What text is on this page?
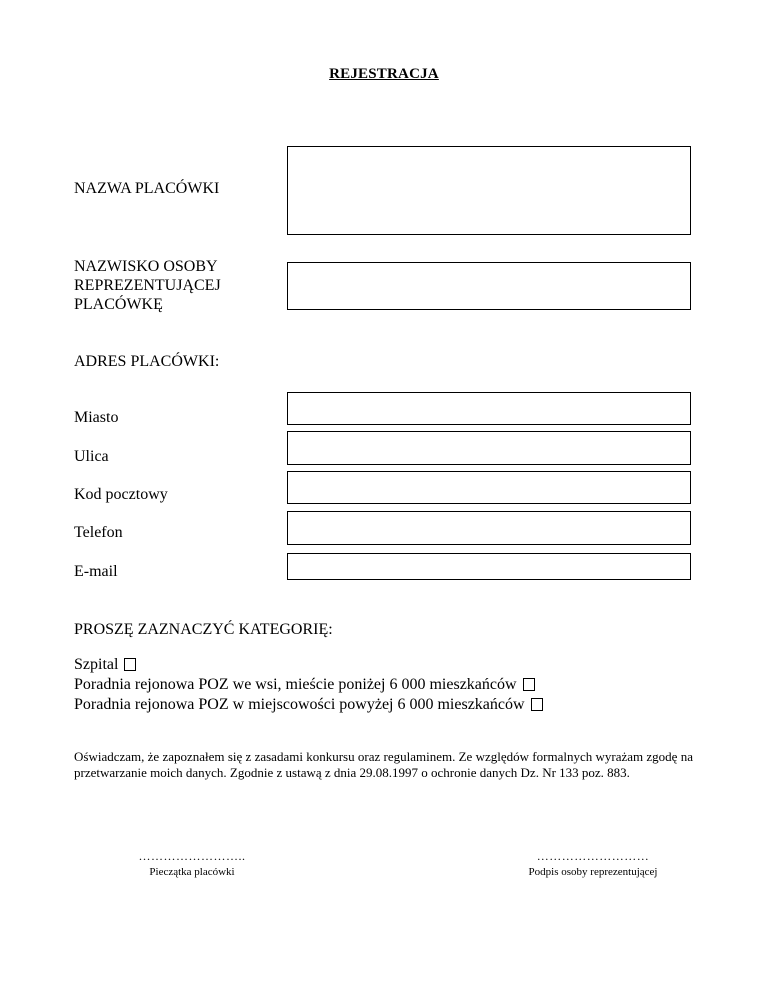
REJESTRACJA
NAZWA PLACÓWKI
NAZWISKO OSOBY
REPREZENTUJĄCEJ
PLACÓWKĘ
ADRES PLACÓWKI:
Miasto
Ulica
Kod pocztowy
Telefon
E-mail
PROSZĘ ZAZNACZYĆ KATEGORIĘ:
Szpital
Poradnia rejonowa POZ we wsi, mieście poniżej 6 000 mieszkańców
Poradnia rejonowa POZ w miejscowości powyżej 6 000 mieszkańców
Oświadczam, że zapoznałem się z zasadami konkursu oraz regulaminem. Ze względów formalnych wyrażam zgodę na przetwarzanie moich danych. Zgodnie z ustawą z dnia 29.08.1997 o ochronie danych Dz. Nr 133 poz. 883.
……………………..
Pieczątka placówki
………………………
Podpis osoby reprezentującej
